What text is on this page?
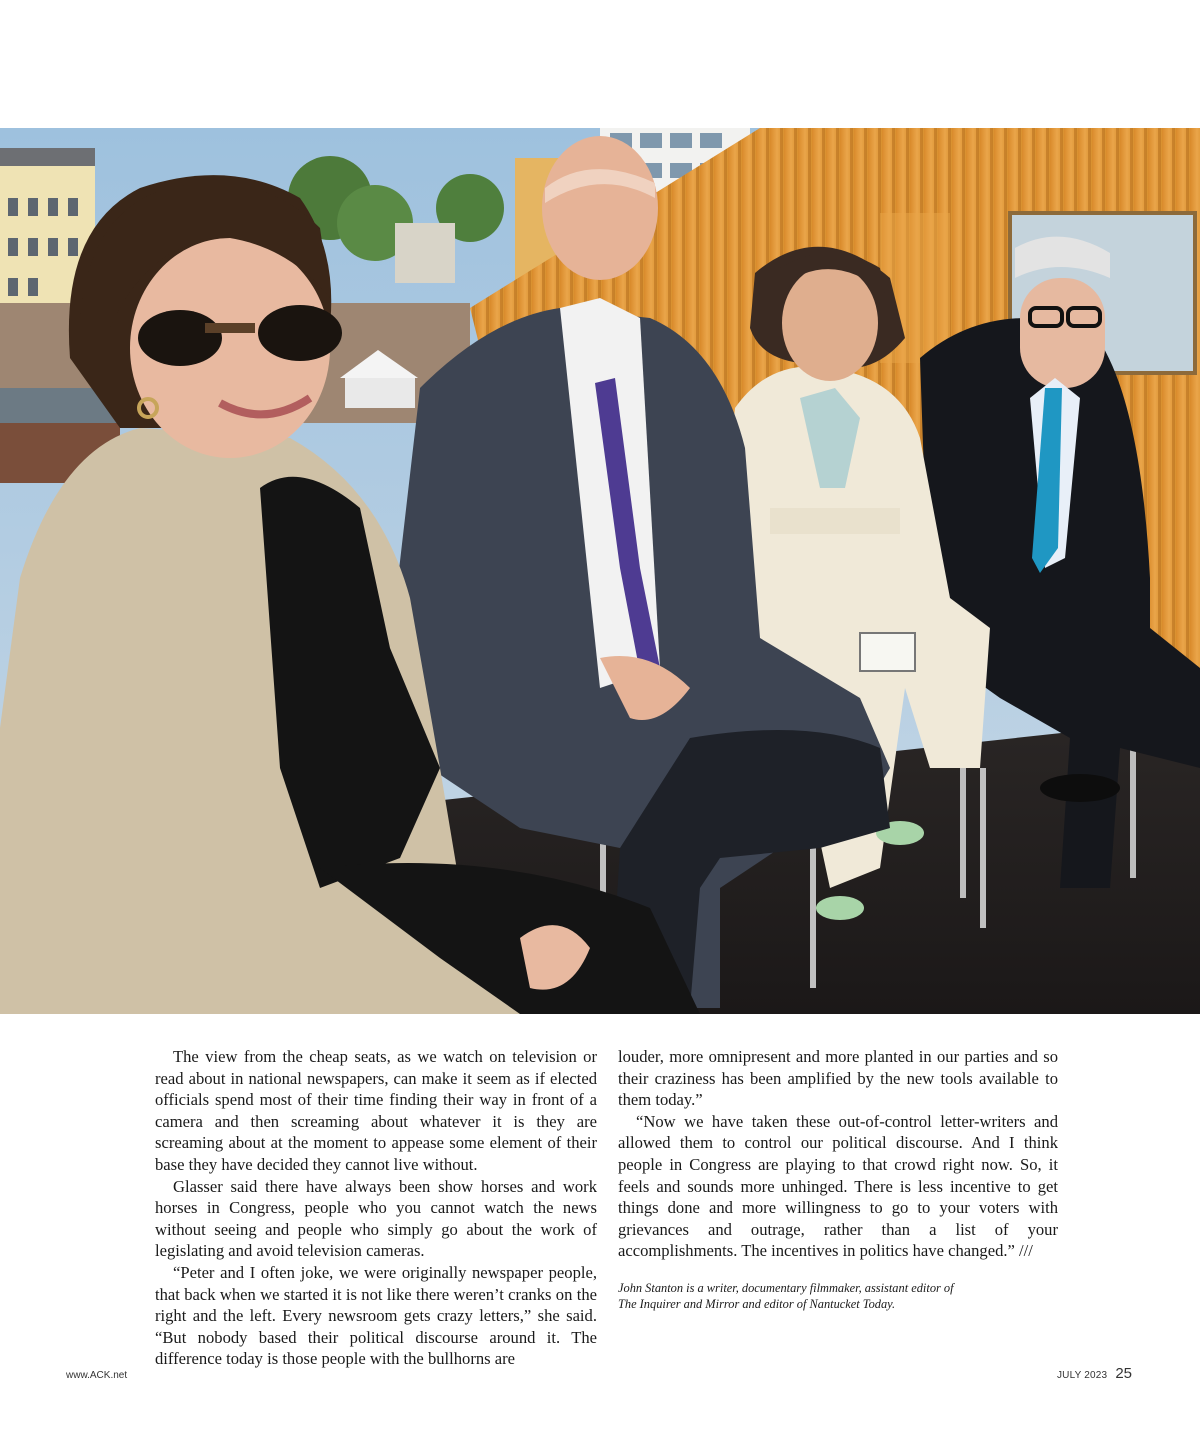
The view from the cheap seats, as we watch on television or read about in national newspapers, can make it seem as if elected officials spend most of their time finding their way in front of a camera and then screaming about whatever it is they are screaming about at the moment to appease some element of their base they have decided they cannot live without.

Glasser said there have always been show horses and work horses in Congress, people who you cannot watch the news without seeing and people who simply go about the work of legislating and avoid television cameras.

“Peter and I often joke, we were originally newspaper people, that back when we started it is not like there weren’t cranks on the right and the left. Every newsroom gets crazy letters,” she said. “But nobody based their political discourse around it. The difference today is those people with the bullhorns are

louder, more omnipresent and more planted in our parties and so their craziness has been amplified by the new tools available to them today.”

“Now we have taken these out-of-control letter-writers and allowed them to control our political discourse. And I think people in Congress are playing to that crowd right now. So, it feels and sounds more unhinged. There is less incentive to get things done and more willingness to go to your voters with grievances and outrage, rather than a list of your accomplishments. The incentives in politics have changed.” ///

John Stanton is a writer, documentary filmmaker, assistant editor of
The Inquirer and Mirror and editor of Nantucket Today.
www.ACK.net	JULY 2023 25
